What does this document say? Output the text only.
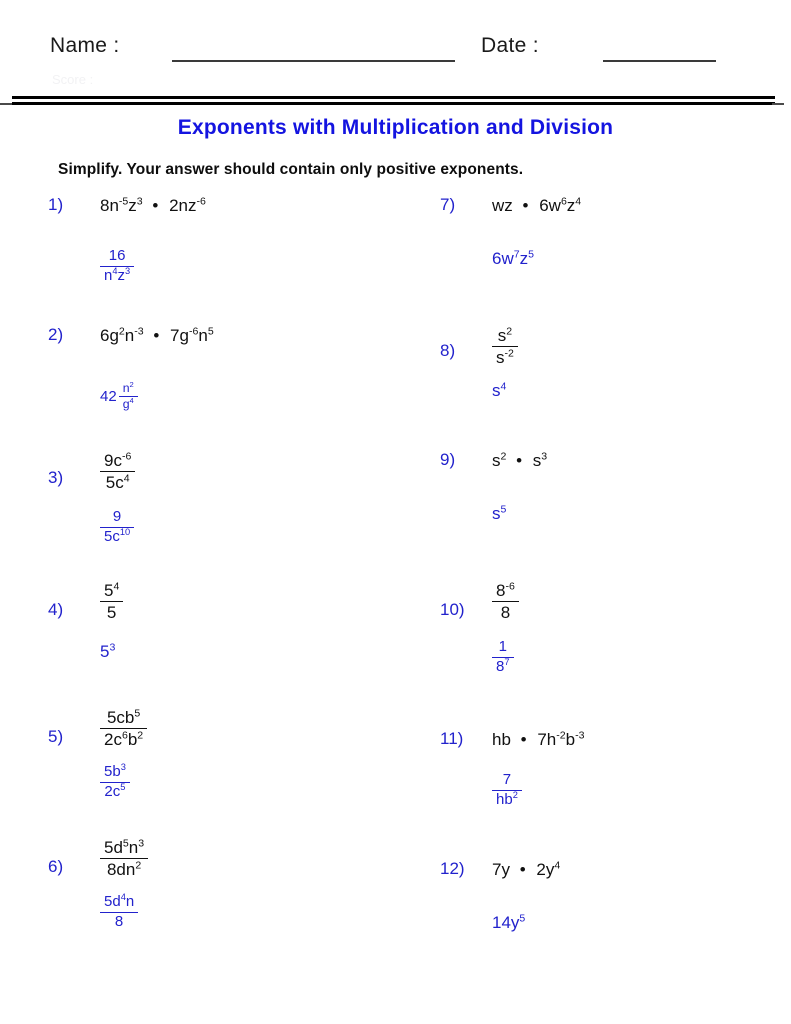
Name :	Date :
Score :
Exponents with Multiplication and Division
Simplify. Your answer should contain only positive exponents.
1)	$8n^{-5}z^3$ • $2nz^{-6}$
$\frac{16}{n^4z^3}$
2)	$6g^2n^{-3}$ • $7g^{-6}n^5$
$42 \frac{n^2}{g^4}$
3)	$\frac{9c^{-6}}{5c^4}$
$\frac{9}{5c^{10}}$
4)	$\frac{5^4}{5}$
$5^3$
5)	$\frac{5cb^5}{2c^6b^2}$
$\frac{5b^3}{2c^5}$
6)	$\frac{5d^5n^3}{8dn^2}$
$\frac{5d^4n}{8}$
7)	wz • $6w^6z^4$
$6w^7z^5$
8)	$\frac{s^2}{s^{-2}}$
$s^4$
9)	$s^2$ • $s^3$
$s^5$
10)	$\frac{8^{-6}}{8}$
$\frac{1}{8^7}$
11)	hb • $7h^{-2}b^{-3}$
$\frac{7}{hb^2}$
12)	7y • $2y^4$
$14y^5$
